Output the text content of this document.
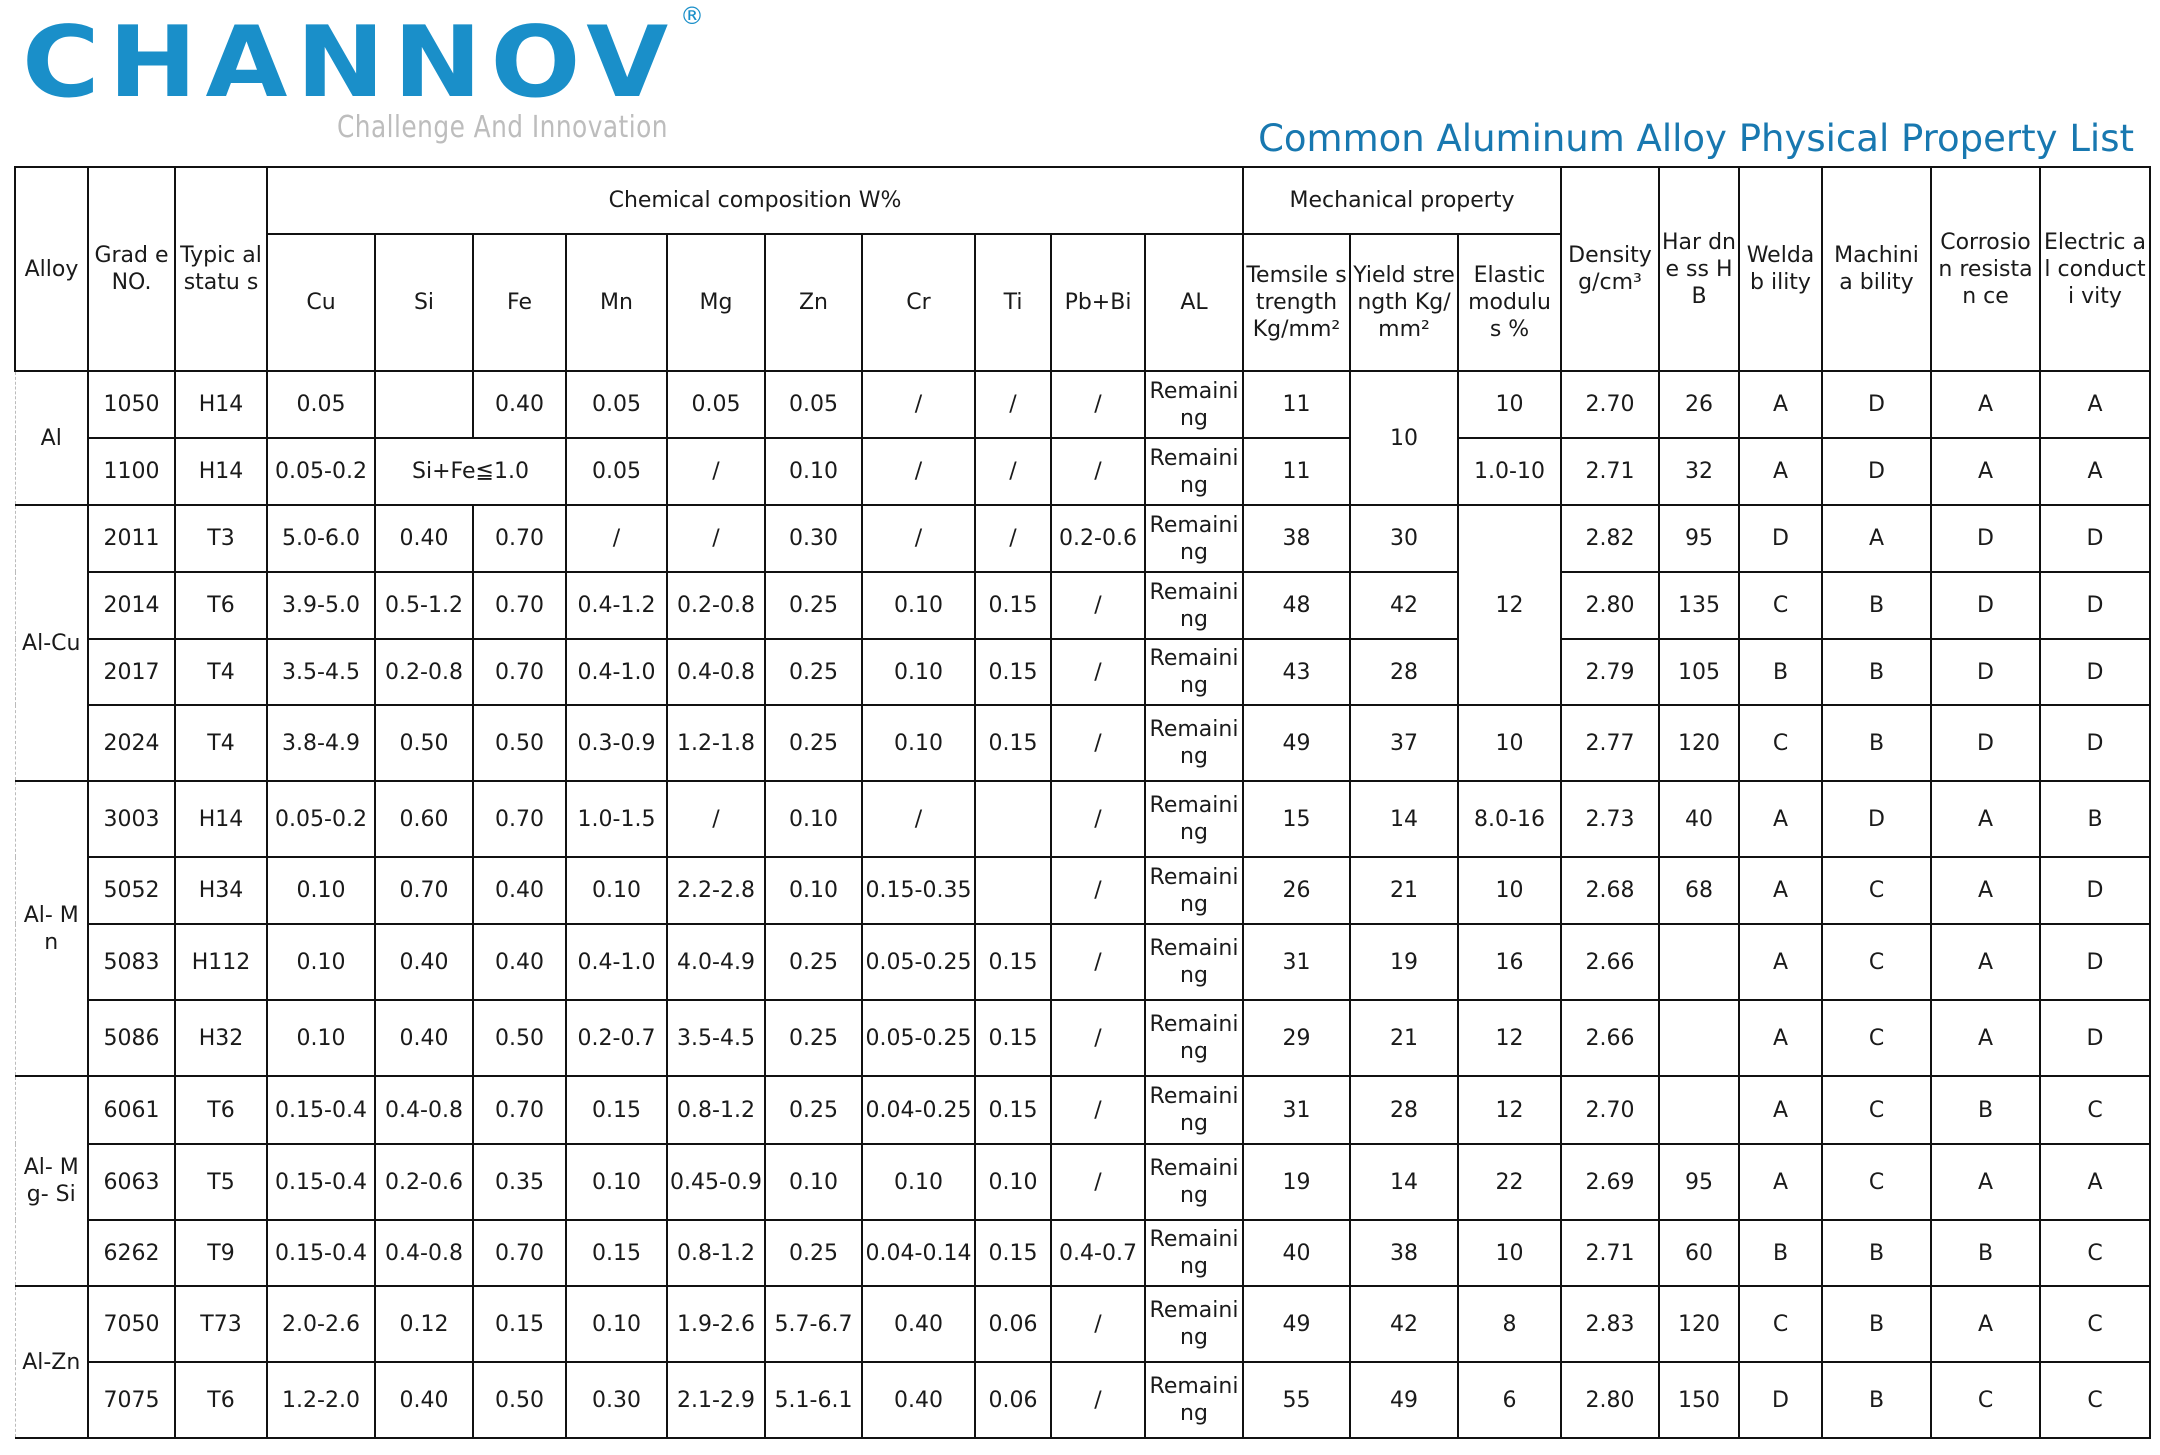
CHANNOV ®
Challenge And Innovation	Common Aluminum Alloy Physical Property List
Alloy	Grad e NO.	Typic al statu s	Chemical composition W%										Mechanical property			Density g/cm³	Har dne ss HB	Welda b ility	Machini a bility	Corrosio n resistan ce	Electric al conduct i vity
			Cu	Si	Fe	Mn	Mg	Zn	Cr	Ti	Pb+Bi	AL	Temsile strength Kg/mm²	Yield strength Kg/mm²	Elastic modulu s %						
Al	1050	H14	0.05		0.40	0.05	0.05	0.05	/	/	/	Remaining	11	10	10	2.70	26	A	D	A	A
	1100	H14	0.05-0.2	Si+Fe≦1.0		0.05	/	0.10	/	/	/	Remaining	11		1.0-10	2.71	32	A	D	A	A
Al-Cu	2011	T3	5.0-6.0	0.40	0.70	/	/	0.30	/	/	0.2-0.6	Remaining	38	30	12	2.82	95	D	A	D	D
	2014	T6	3.9-5.0	0.5-1.2	0.70	0.4-1.2	0.2-0.8	0.25	0.10	0.15	/	Remaining	48	42		2.80	135	C	B	D	D
	2017	T4	3.5-4.5	0.2-0.8	0.70	0.4-1.0	0.4-0.8	0.25	0.10	0.15	/	Remaining	43	28		2.79	105	B	B	D	D
	2024	T4	3.8-4.9	0.50	0.50	0.3-0.9	1.2-1.8	0.25	0.10	0.15	/	Remaining	49	37	10	2.77	120	C	B	D	D
Al- Mn	3003	H14	0.05-0.2	0.60	0.70	1.0-1.5	/	0.10	/		/	Remaining	15	14	8.0-16	2.73	40	A	D	A	B
	5052	H34	0.10	0.70	0.40	0.10	2.2-2.8	0.10	0.15-0.35		/	Remaining	26	21	10	2.68	68	A	C	A	D
	5083	H112	0.10	0.40	0.40	0.4-1.0	4.0-4.9	0.25	0.05-0.25	0.15	/	Remaining	31	19	16	2.66		A	C	A	D
	5086	H32	0.10	0.40	0.50	0.2-0.7	3.5-4.5	0.25	0.05-0.25	0.15	/	Remaining	29	21	12	2.66		A	C	A	D
Al- Mg- Si	6061	T6	0.15-0.4	0.4-0.8	0.70	0.15	0.8-1.2	0.25	0.04-0.25	0.15	/	Remaining	31	28	12	2.70		A	C	B	C
	6063	T5	0.15-0.4	0.2-0.6	0.35	0.10	0.45-0.9	0.10	0.10	0.10	/	Remaining	19	14	22	2.69	95	A	C	A	A
	6262	T9	0.15-0.4	0.4-0.8	0.70	0.15	0.8-1.2	0.25	0.04-0.14	0.15	0.4-0.7	Remaining	40	38	10	2.71	60	B	B	B	C
Al-Zn	7050	T73	2.0-2.6	0.12	0.15	0.10	1.9-2.6	5.7-6.7	0.40	0.06	/	Remaining	49	42	8	2.83	120	C	B	A	C
	7075	T6	1.2-2.0	0.40	0.50	0.30	2.1-2.9	5.1-6.1	0.40	0.06	/	Remaining	55	49	6	2.80	150	D	B	C	C
